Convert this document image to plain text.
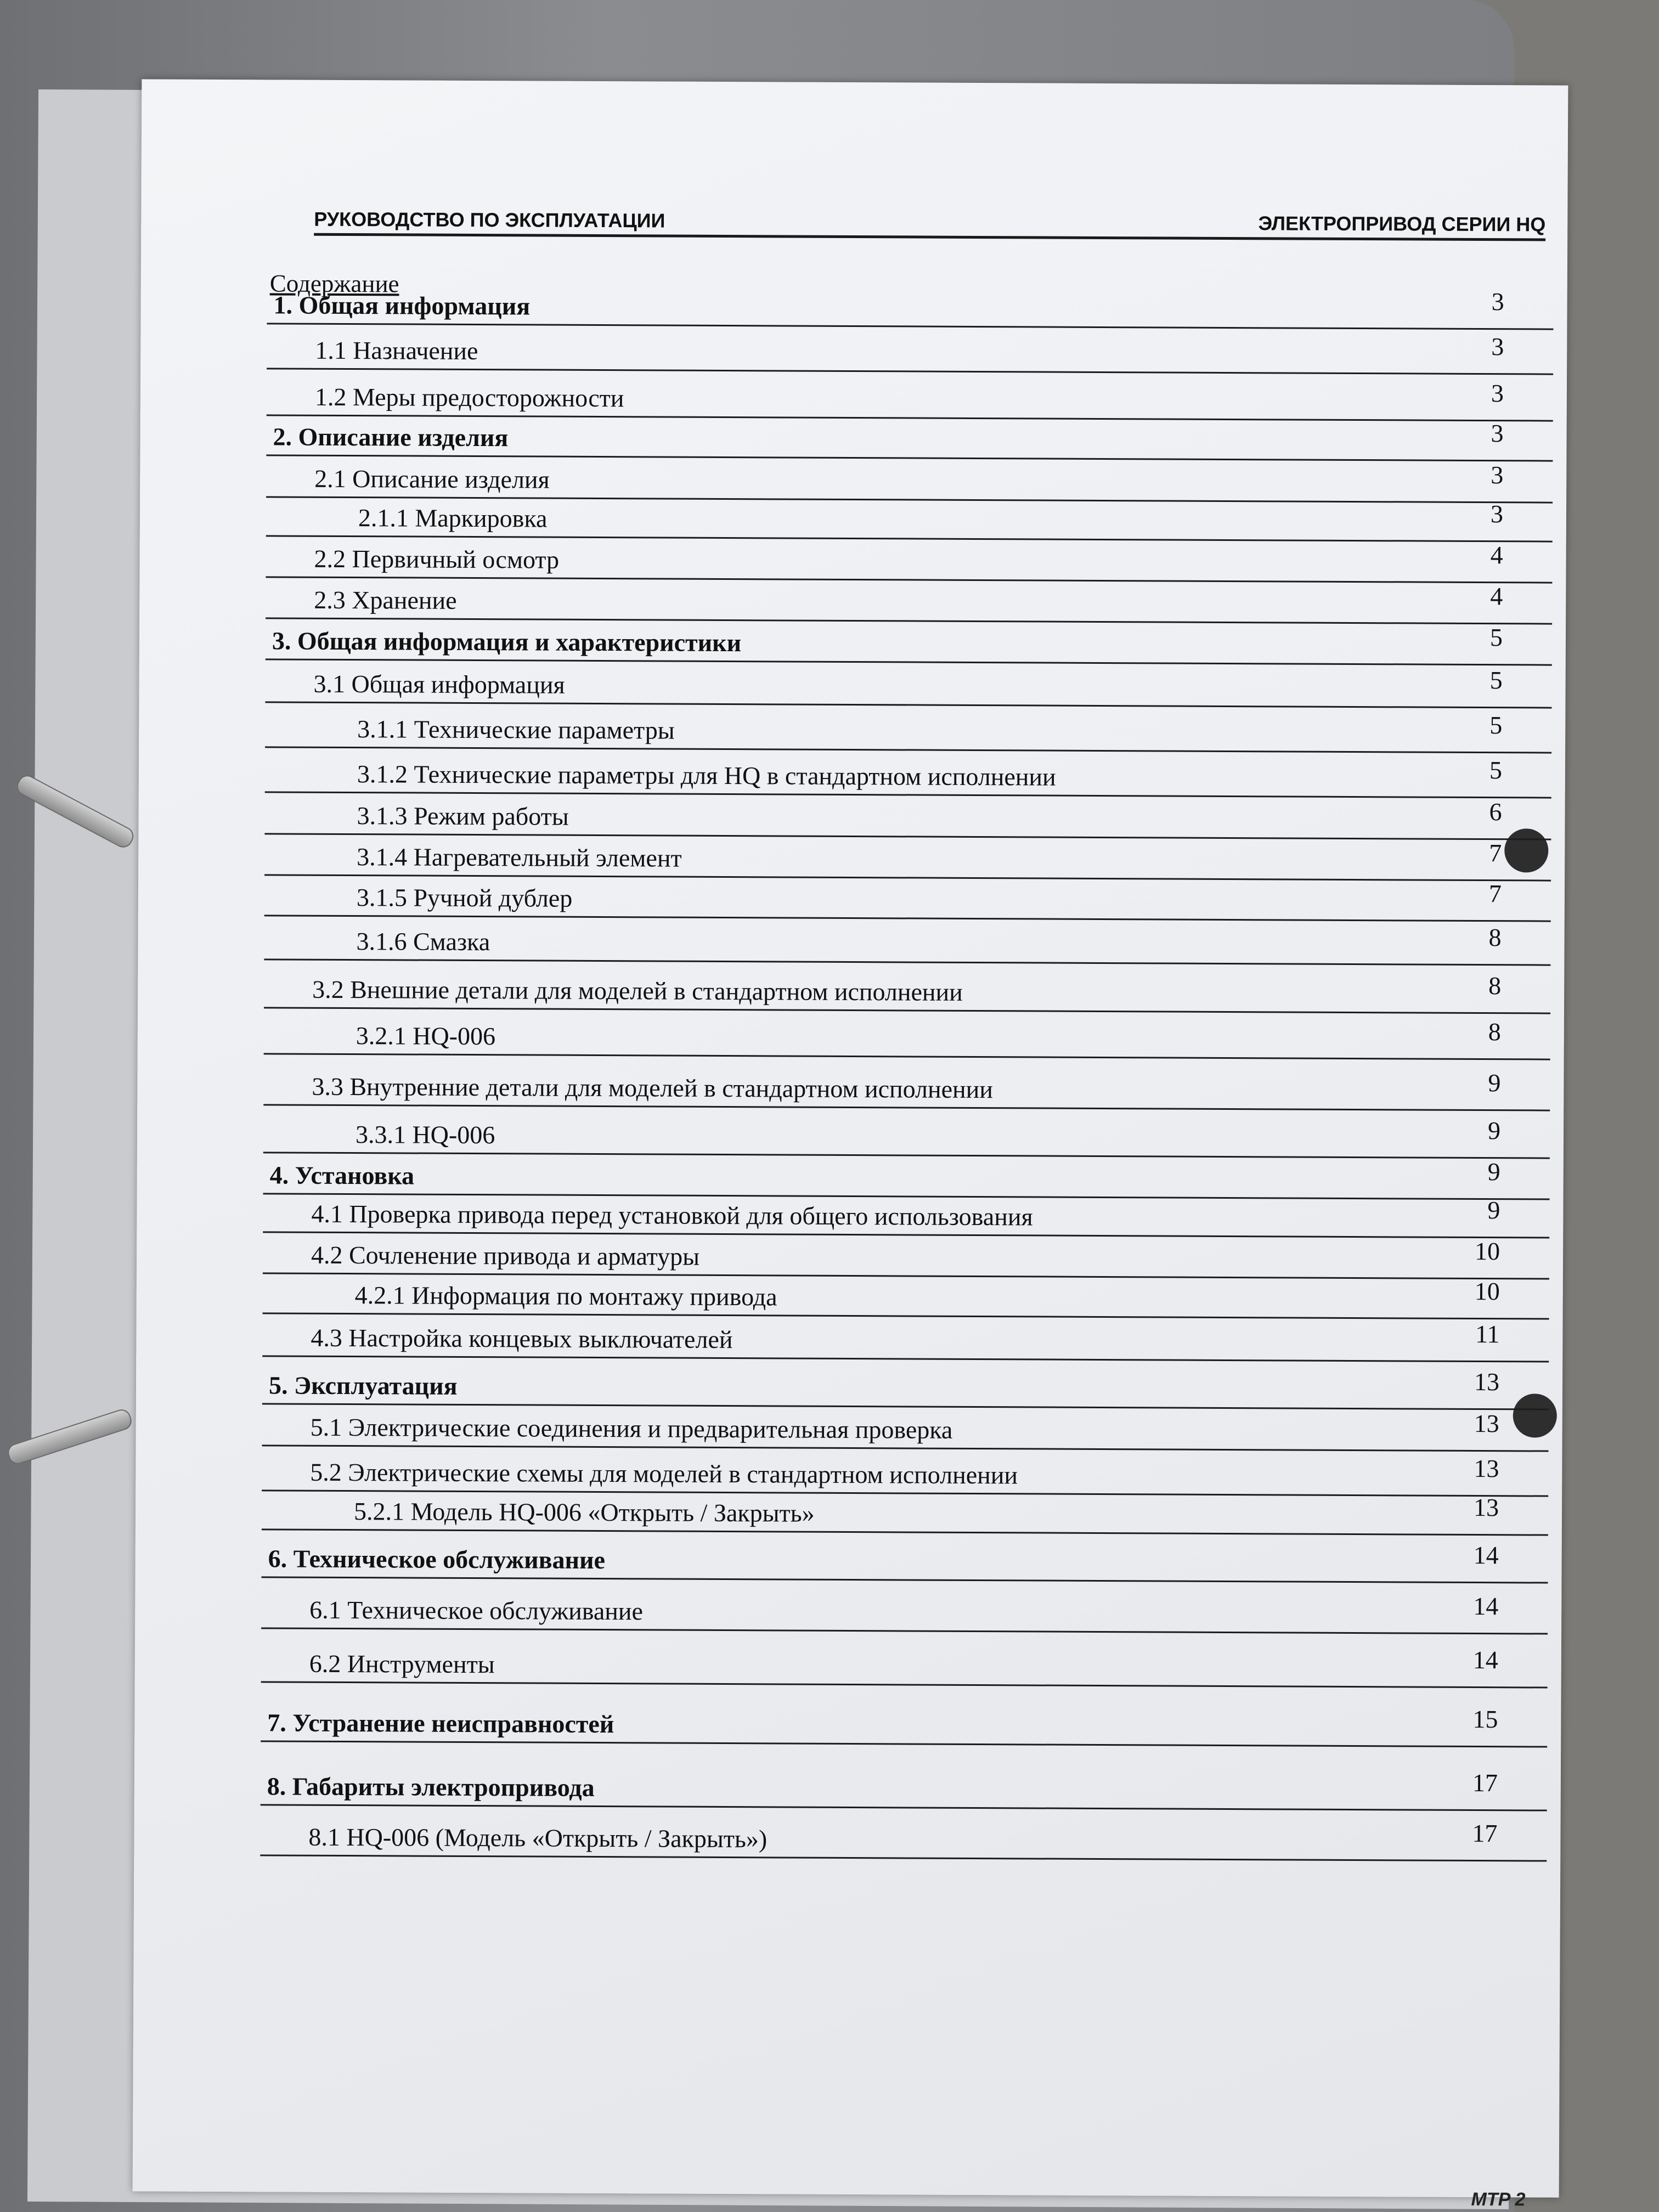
РУКОВОДСТВО ПО ЭКСПЛУАТАЦИИ	ЭЛЕКТРОПРИВОД СЕРИИ HQ
Содержание
1. Общая информация	3
1.1 Назначение	3
1.2 Меры предосторожности	3
2. Описание изделия	3
2.1 Описание изделия	3
2.1.1 Маркировка	3
2.2 Первичный осмотр	4
2.3 Хранение	4
3. Общая информация и характеристики	5
3.1 Общая информация	5
3.1.1 Технические параметры	5
3.1.2 Технические параметры для HQ в стандартном исполнении	5
3.1.3 Режим работы	6
3.1.4 Нагревательный элемент	7
3.1.5 Ручной дублер	7
3.1.6 Смазка	8
3.2 Внешние детали для моделей в стандартном исполнении	8
3.2.1 HQ-006	8
3.3 Внутренние детали для моделей в стандартном исполнении	9
3.3.1 HQ-006	9
4. Установка	9
4.1 Проверка привода перед установкой для общего использования	9
4.2 Сочленение привода и арматуры	10
4.2.1 Информация по монтажу привода	10
4.3 Настройка концевых выключателей	11
5. Эксплуатация	13
5.1 Электрические соединения и предварительная проверка	13
5.2 Электрические схемы для моделей в стандартном исполнении	13
5.2.1 Модель HQ-006 «Открыть / Закрыть»	13
6. Техническое обслуживание	14
6.1 Техническое обслуживание	14
6.2 Инструменты	14
7. Устранение неисправностей	15
8. Габариты электропривода	17
8.1 HQ-006 (Модель «Открыть / Закрыть»)	17
MTP 2
